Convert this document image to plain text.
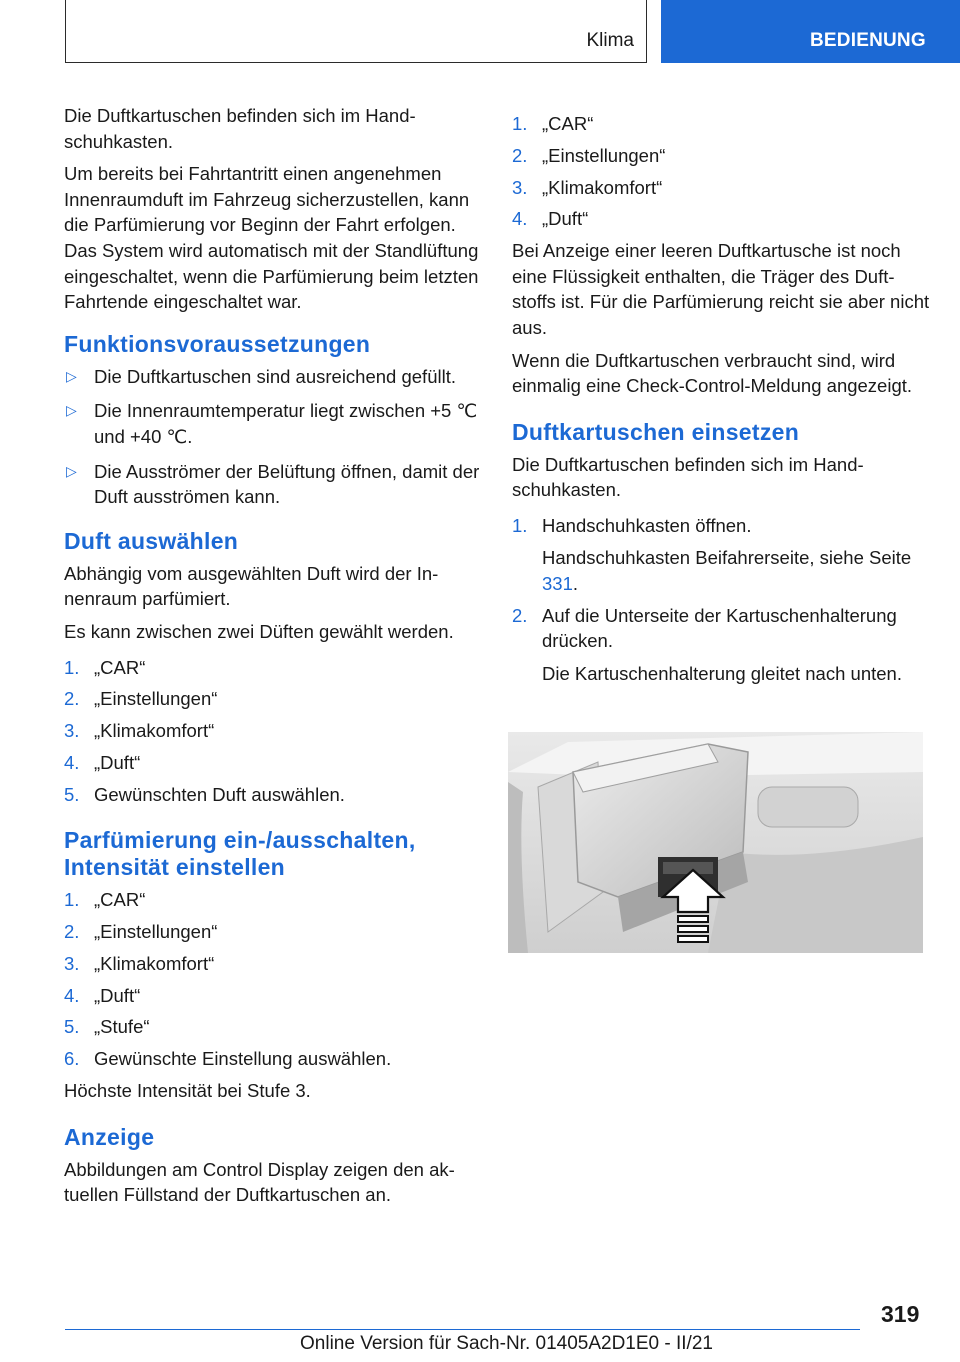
Klima	BEDIENUNG

Die Duftkartuschen befinden sich im Handschuhkasten.

Um bereits bei Fahrtantritt einen angenehmen Innenraumduft im Fahrzeug sicherzustellen, kann die Parfümierung vor Beginn der Fahrt erfolgen. Das System wird automatisch mit der Standlüftung eingeschaltet, wenn die Parfümierung beim letzten Fahrtende eingeschaltet war.

Funktionsvoraussetzungen
▷ Die Duftkartuschen sind ausreichend gefüllt.
▷ Die Innenraumtemperatur liegt zwischen +5 ℃ und +40 ℃.
▷ Die Ausströmer der Belüftung öffnen, damit der Duft ausströmen kann.
Duft auswählen

Abhängig vom ausgewählten Duft wird der Innenraum parfümiert.

Es kann zwischen zwei Düften gewählt werden.

1. „CAR“
2. „Einstellungen“
3. „Klimakomfort“
4. „Duft“
5. Gewünschten Duft auswählen.
Parfümierung ein-/ausschalten,
Intensität einstellen
1. „CAR“
2. „Einstellungen“
3. „Klimakomfort“
4. „Duft“
5. „Stufe“
6. Gewünschte Einstellung auswählen.

Höchste Intensität bei Stufe 3.

Anzeige

Abbildungen am Control Display zeigen den aktuellen Füllstand der Duftkartuschen an.

1. „CAR“
2. „Einstellungen“
3. „Klimakomfort“
4. „Duft“

Bei Anzeige einer leeren Duftkartusche ist noch eine Flüssigkeit enthalten, die Träger des Duftstoffs ist. Für die Parfümierung reicht sie aber nicht aus.

Wenn die Duftkartuschen verbraucht sind, wird einmalig eine Check-Control-Meldung angezeigt.

Duftkartuschen einsetzen

Die Duftkartuschen befinden sich im Handschuhkasten.

1. Handschuhkasten öffnen.
Handschuhkasten Beifahrerseite, siehe Seite 331.
2. Auf die Unterseite der Kartuschenhalterung drücken.
Die Kartuschenhalterung gleitet nach unten.
319
Online Version für Sach-Nr. 01405A2D1E0 - II/21
